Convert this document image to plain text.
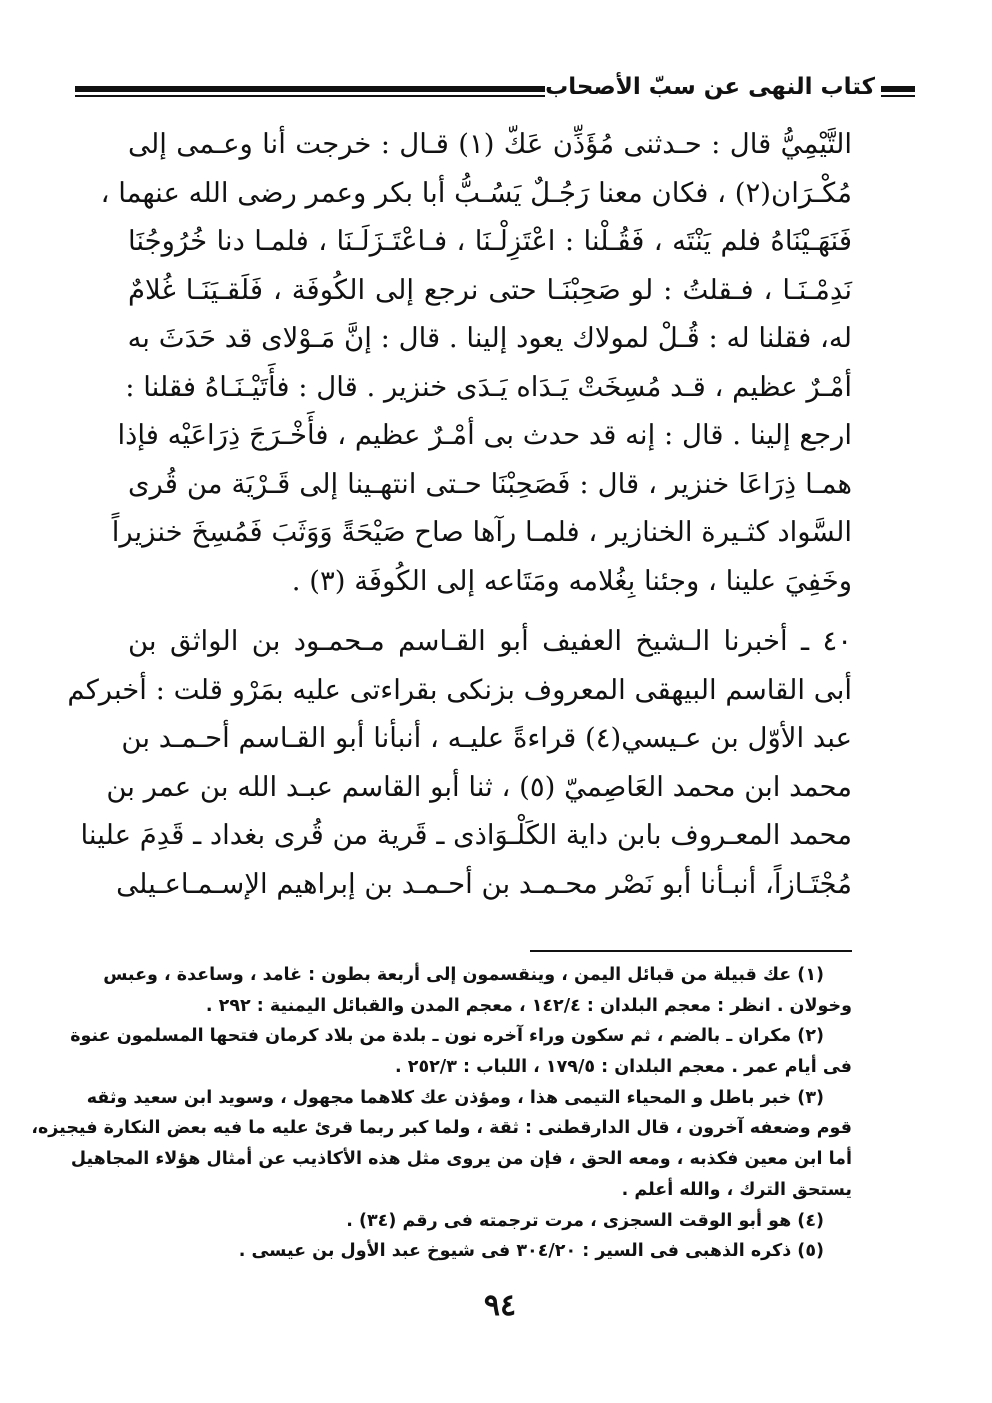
كتاب النهى عن سبّ الأصحاب
التَّيْمِيُّ قال : حـدثنى مُؤَذِّن عَكّ (١) قـال : خرجت أنا وعـمى إلى
مُكْـرَان(٢) ، فكان معنا رَجُـلٌ يَسُـبُّ أبا بكر وعمر رضى الله عنهما ،
فَنَهَـيْنَاهُ فلم يَنْتَه ، فَقُـلْنا : اعْتَزِلْـنَا ، فـاعْتَـزَلَـنَا ، فلمـا دنا خُرُوجُنَا
نَدِمْـنَـا ، فـقلتُ : لو صَحِبْنَـا حتى نرجع إلى الكُوفَة ، فَلَقـيَنَـا غُلامٌ
له، فقلنا له : قُـلْ لمولاك يعود إلينا . قال : إنَّ مَـوْلاى قد حَدَثَ به
أمْـرٌ عظيم ، قـد مُسِخَتْ يَـدَاه يَـدَى خنزير . قال : فأَتَيْـنَـاهُ فقلنا :
ارجع إلينا . قال : إنه قد حدث بى أمْـرٌ عظيم ، فأَخْـرَجَ ذِرَاعَيْه فإذا
همـا ذِرَاعَا خنزير ، قال : فَصَحِبْنَا حـتى انتهـينا إلى قَـرْيَة من قُرى
السَّواد كثـيرة الخنازير ، فلمـا رآها صاح صَيْحَةً وَوَثَبَ فَمُسِخَ خنزيراً
وخَفِيَ علينا ، وجئنا بِغُلامه ومَتَاعه إلى الكُوفَة (٣) .
٤٠ ـ أخبرنا الـشيخ العفيف أبو القـاسم مـحمـود بن الواثق بن
أبى القاسم البيهقى المعروف بزنكى بقراءتى عليه بمَرْو قلت : أخبركم
عبد الأوّل بن عـيسي(٤) قراءةً عليـه ، أنبأنا أبو القـاسم أحـمـد بن
محمد ابن محمد العَاصِميّ (٥) ، ثنا أبو القاسم عبـد الله بن عمر بن
محمد المعـروف بابن داية الكَلْـوَاذى ـ قَرية من قُرى بغداد ـ قَدِمَ علينا
مُجْتَـازاً، أنبـأنا أبو نَصْر محـمـد بن أحـمـد بن إبراهيم الإسـمـاعـيلى
(١) عك قبيلة من قبائل اليمن ، وينقسمون إلى أربعة بطون : غامد ، وساعدة ، وعبس
وخولان . انظر : معجم البلدان : ١٤٢/٤ ، معجم المدن والقبائل اليمنية : ٢٩٢ .
(٢) مكران ـ بالضم ، ثم سكون وراء آخره نون ـ بلدة من بلاد كرمان فتحها المسلمون عنوة
فى أيام عمر . معجم البلدان : ١٧٩/٥ ، اللباب : ٢٥٢/٣ .
(٣) خبر باطل و المحياء التيمى هذا ، ومؤذن عك كلاهما مجهول ، وسويد ابن سعيد وثقه
قوم وضعفه آخرون ، قال الدارقطنى : ثقة ، ولما كبر ربما قرئ عليه ما فيه بعض النكارة فيجيزه،
أما ابن معين فكذبه ، ومعه الحق ، فإن من يروى مثل هذه الأكاذيب عن أمثال هؤلاء المجاهيل
يستحق الترك ، والله أعلم .
(٤) هو أبو الوقت السجزى ، مرت ترجمته فى رقم (٣٤) .
(٥) ذكره الذهبى فى السير : ٣٠٤/٢٠ فى شيوخ عبد الأول بن عيسى .
٩٤
